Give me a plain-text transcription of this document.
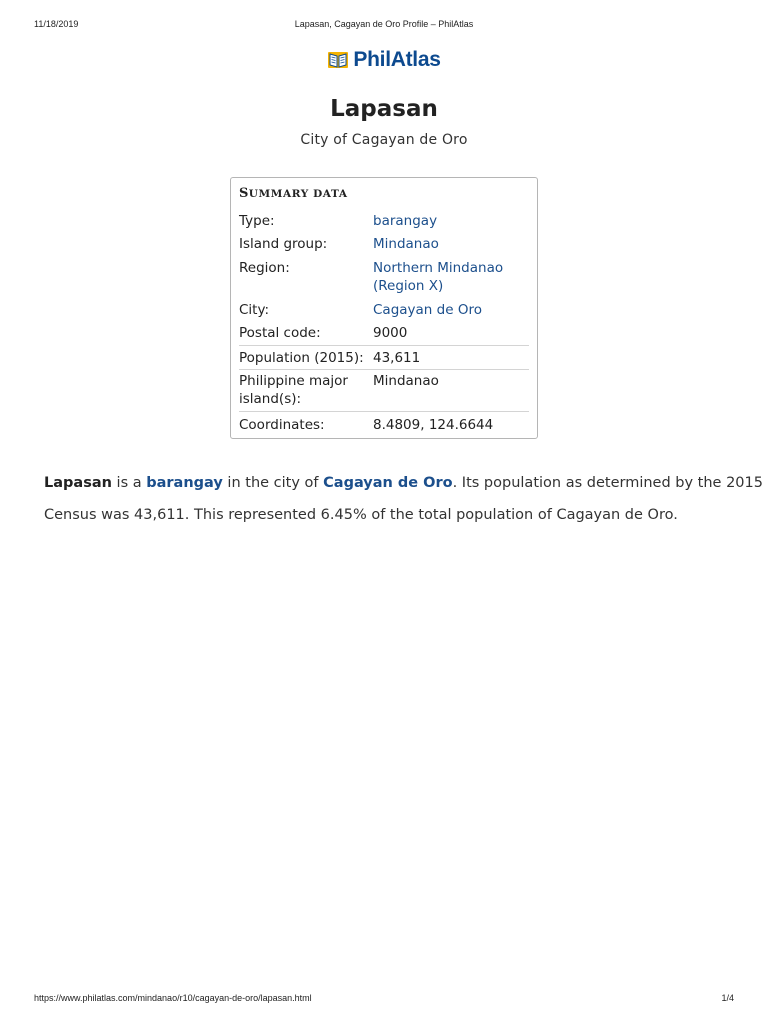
11/18/2019	Lapasan, Cagayan de Oro Profile – PhilAtlas
PhilAtlas
Lapasan
City of Cagayan de Oro
SUMMARY DATA
Type:	barangay
Island group:	Mindanao
Region:	Northern Mindanao
(Region X)
City:	Cagayan de Oro
Postal code:	9000
Population (2015): 43,611
Philippine major
island(s):
Mindanao
Coordinates:	8.4809, 124.6644
Lapasan is a barangay in the city of Cagayan de Oro. Its population as determined by the 2015
Census was 43,611. This represented 6.45% of the total population of Cagayan de Oro.
https://www.philatlas.com/mindanao/r10/cagayan-de-oro/lapasan.html	1/4
